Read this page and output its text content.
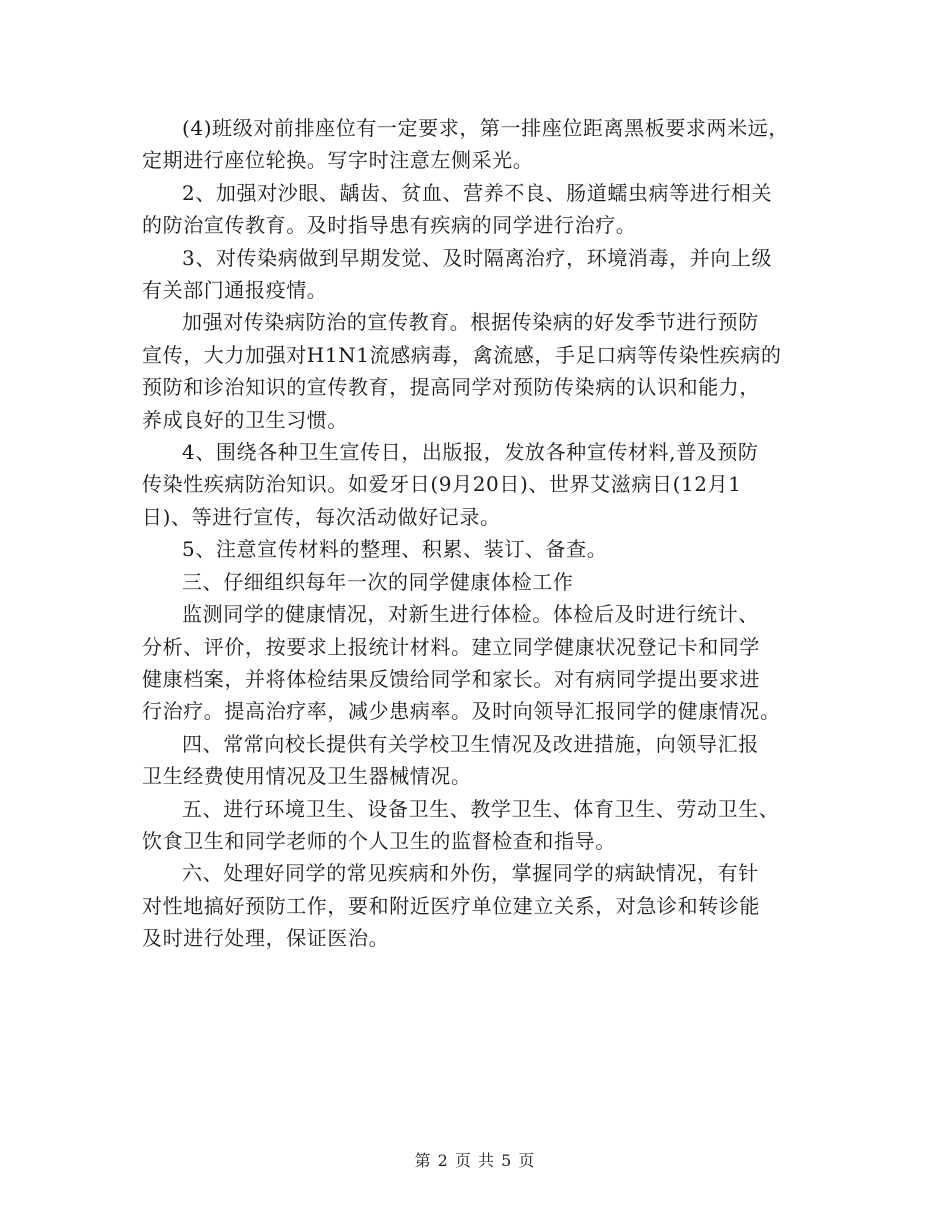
(4)班级对前排座位有一定要求，第一排座位距离黑板要求两米远，
定期进行座位轮换。写字时注意左侧采光。

2、加强对沙眼、龋齿、贫血、营养不良、肠道蠕虫病等进行相关
的防治宣传教育。及时指导患有疾病的同学进行治疗。

3、对传染病做到早期发觉、及时隔离治疗，环境消毒，并向上级
有关部门通报疫情。

加强对传染病防治的宣传教育。根据传染病的好发季节进行预防
宣传，大力加强对H1N1流感病毒，禽流感，手足口病等传染性疾病的
预防和诊治知识的宣传教育，提高同学对预防传染病的认识和能力，
养成良好的卫生习惯。

4、围绕各种卫生宣传日，出版报，发放各种宣传材料,普及预防
传染性疾病防治知识。如爱牙日(9月20日)、世界艾滋病日(12月1
日)、等进行宣传，每次活动做好记录。

5、注意宣传材料的整理、积累、装订、备查。

三、仔细组织每年一次的同学健康体检工作

监测同学的健康情况，对新生进行体检。体检后及时进行统计、
分析、评价，按要求上报统计材料。建立同学健康状况登记卡和同学
健康档案，并将体检结果反馈给同学和家长。对有病同学提出要求进
行治疗。提高治疗率，减少患病率。及时向领导汇报同学的健康情况。

四、常常向校长提供有关学校卫生情况及改进措施，向领导汇报
卫生经费使用情况及卫生器械情况。

五、进行环境卫生、设备卫生、教学卫生、体育卫生、劳动卫生、
饮食卫生和同学老师的个人卫生的监督检查和指导。

六、处理好同学的常见疾病和外伤，掌握同学的病缺情况，有针
对性地搞好预防工作，要和附近医疗单位建立关系，对急诊和转诊能
及时进行处理，保证医治。

第 2 页 共 5 页
